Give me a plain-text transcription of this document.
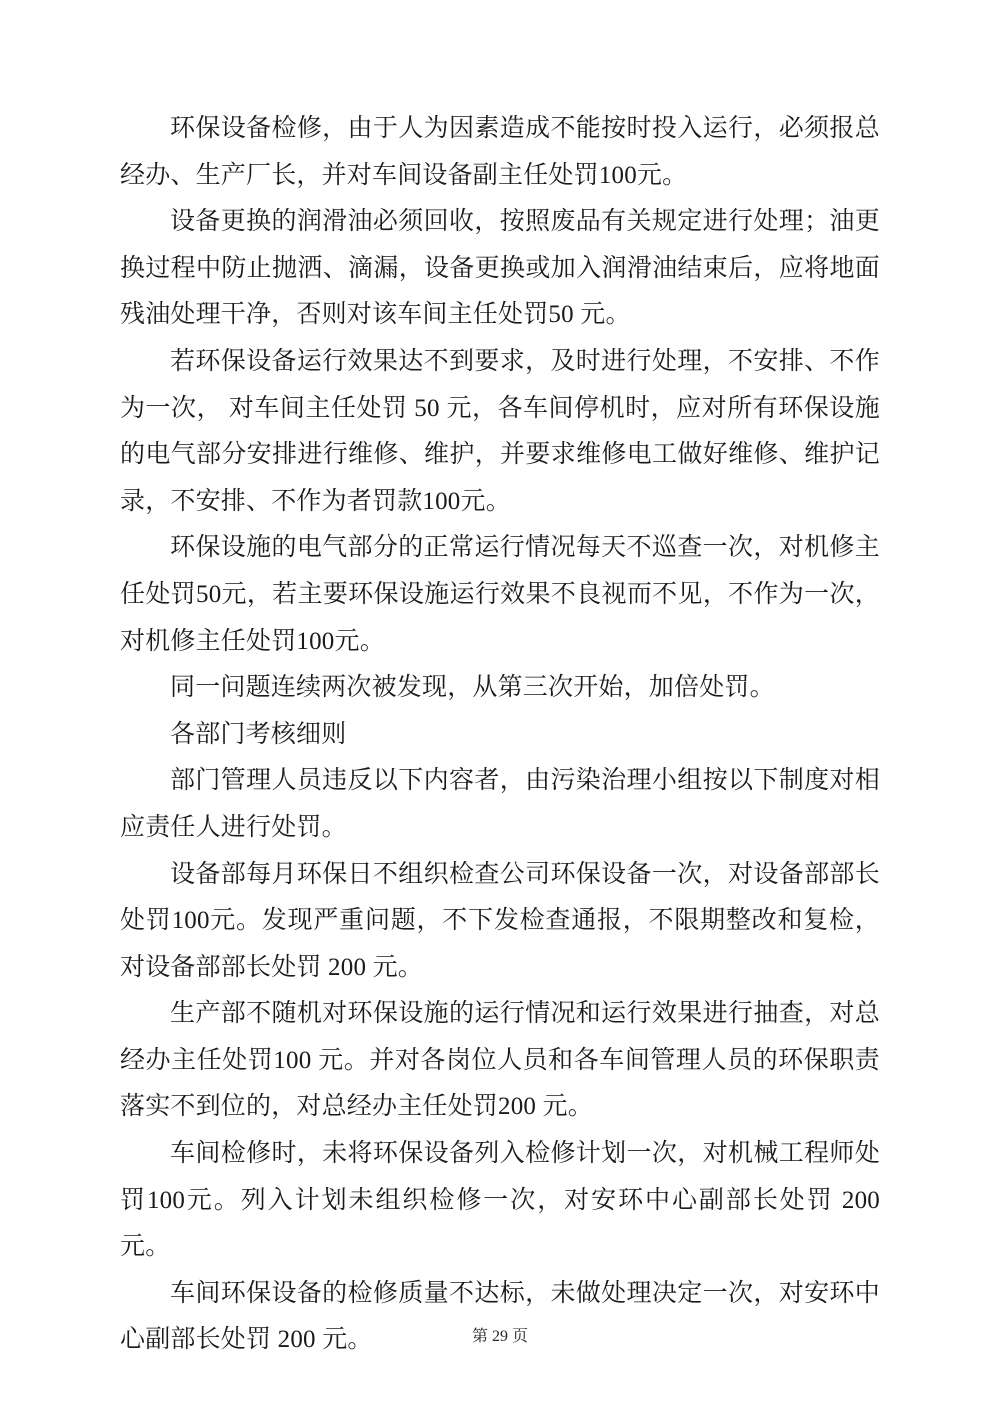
环保设备检修，由于人为因素造成不能按时投入运行，必须报总经办、生产厂长，并对车间设备副主任处罚100元。

设备更换的润滑油必须回收，按照废品有关规定进行处理；油更换过程中防止抛洒、滴漏，设备更换或加入润滑油结束后，应将地面残油处理干净，否则对该车间主任处罚50 元。

若环保设备运行效果达不到要求，及时进行处理，不安排、不作为一次， 对车间主任处罚 50 元，各车间停机时，应对所有环保设施的电气部分安排进行维修、维护，并要求维修电工做好维修、维护记录，不安排、不作为者罚款100元。

环保设施的电气部分的正常运行情况每天不巡查一次，对机修主任处罚50元，若主要环保设施运行效果不良视而不见，不作为一次，对机修主任处罚100元。

同一问题连续两次被发现，从第三次开始，加倍处罚。

各部门考核细则

部门管理人员违反以下内容者，由污染治理小组按以下制度对相应责任人进行处罚。

设备部每月环保日不组织检查公司环保设备一次，对设备部部长处罚100元。发现严重问题，不下发检查通报，不限期整改和复检，对设备部部长处罚 200 元。

生产部不随机对环保设施的运行情况和运行效果进行抽查，对总经办主任处罚100 元。并对各岗位人员和各车间管理人员的环保职责落实不到位的，对总经办主任处罚200 元。

车间检修时，未将环保设备列入检修计划一次，对机械工程师处罚100元。列入计划未组织检修一次，对安环中心副部长处罚 200 元。

车间环保设备的检修质量不达标，未做处理决定一次，对安环中心副部长处罚 200 元。	第 29 页
